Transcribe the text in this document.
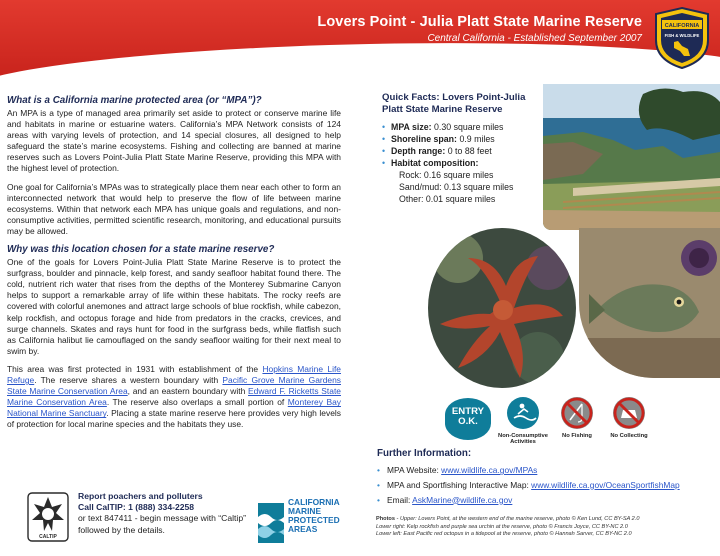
Lovers Point - Julia Platt State Marine Reserve
Central California - Established September 2007
CALIFORNIA
FISH & WILDLIFE
What is a California marine protected area (or “MPA”)?

An MPA is a type of managed area primarily set aside to protect or conserve marine life and habitats in marine or estuarine waters. California’s MPA Network consists of 124 areas with varying levels of protection, and 14 special closures, all designed to help safeguard the state’s marine ecosystems. Fishing and collecting are banned at marine reserves such as Lovers Point-Julia Platt State Marine Reserve, providing this MPA with the highest level of protection.

One goal for California’s MPAs was to strategically place them near each other to form an interconnected network that would help to preserve the flow of life between marine ecosystems. Within that network each MPA has unique goals and regulations, and non-consumptive activities, permitted scientific research, monitoring, and educational pursuits may be allowed.

Why was this location chosen for a state marine reserve?

One of the goals for Lovers Point-Julia Platt State Marine Reserve is to protect the surfgrass, boulder and pinnacle, kelp forest, and sandy seafloor habitat found there. The cold, nutrient rich water that rises from the depths of the Monterey Submarine Canyon helps to support a remarkable array of life within these habitats. The rocky reefs are covered with colorful anemones and attract large schools of blue rockfish, while cabezon, kelp rockfish, and octopus forage and hide from predators in the cracks, crevices, and surge channels. Skates and rays hunt for food in the surfgrass beds, while flatfish such as California halibut lie camouflaged on the sandy seafloor waiting for their next meal to swim by.

This area was first protected in 1931 with establishment of the Hopkins Marine Life Refuge. The reserve shares a western boundary with Pacific Grove Marine Gardens State Marine Conservation Area, and an eastern boundary with Edward F. Ricketts State Marine Conservation Area. The reserve also overlaps a small portion of Monterey Bay National Marine Sanctuary. Placing a state marine reserve here provides very high levels of protection for local marine species and the habitats they use.

CALTIP
Report poachers and polluters
Call CalTIP: 1 (888) 334-2258
or text 847411 - begin message with “Caltip”
followed by the details.
CALIFORNIA
MARINE
PROTECTED
AREAS
Quick Facts: Lovers Point-Julia Platt State Marine Reserve
• MPA size: 0.30 square miles
• Shoreline span: 0.9 miles
• Depth range: 0 to 88 feet
• Habitat composition:
Rock: 0.16 square miles
Sand/mud: 0.13 square miles
Other: 0.01 square miles
ENTRY
O.K.
Non-Consumptive Activities
No Fishing	No Collecting
Further Information:
• MPA Website: www.wildlife.ca.gov/MPAs
• MPA and Sportfishing Interactive Map: www.wildlife.ca.gov/OceanSportfishMap
• Email: AskMarine@wildlife.ca.gov
Photos - Upper: Lovers Point, at the western end of the marine reserve, photo © Ken Lund, CC BY-SA 2.0
Lower right: Kelp rockfish and purple sea urchin at the reserve, photo © Francis Joyce, CC BY-NC 2.0
Lower left: East Pacific red octopus in a tidepool at the reserve, photo © Hannah Sarver, CC BY-NC 2.0
